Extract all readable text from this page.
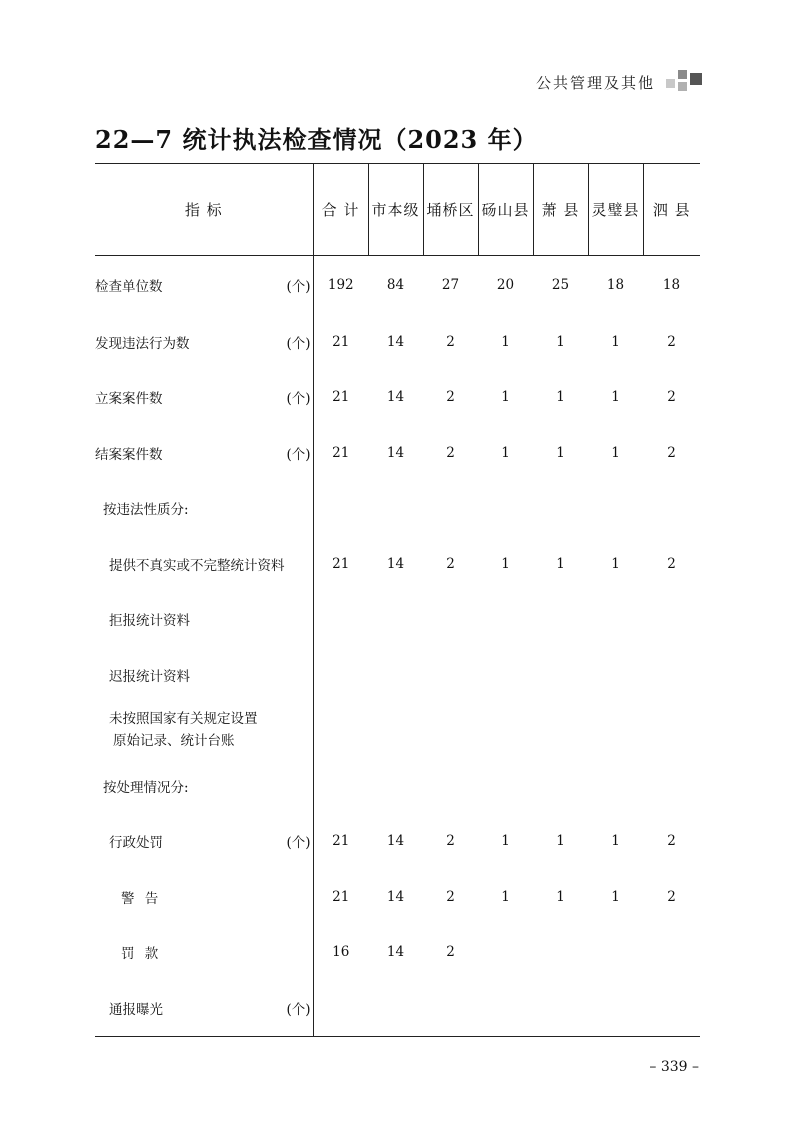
公共管理及其他
22—7 统计执法检查情况（2023 年）
指 标	合 计	市本级	埇桥区	砀山县	萧 县	灵璧县	泗 县
检查单位数 (个)	192	84	27	20	25	18	18
发现违法行为数 (个)	21	14	2	1	1	1	2
立案案件数 (个)	21	14	2	1	1	1	2
结案案件数 (个)	21	14	2	1	1	1	2
按违法性质分:							
提供不真实或不完整统计资料	21	14	2	1	1	1	2
拒报统计资料							
迟报统计资料							

未按照国家有关规定设置
原始记录、统计台账							

按处理情况分:							
行政处罚 (个)	21	14	2	1	1	1	2
警 告	21	14	2	1	1	1	2
罚 款	16	14	2				
通报曝光 (个)							

– 339 –
